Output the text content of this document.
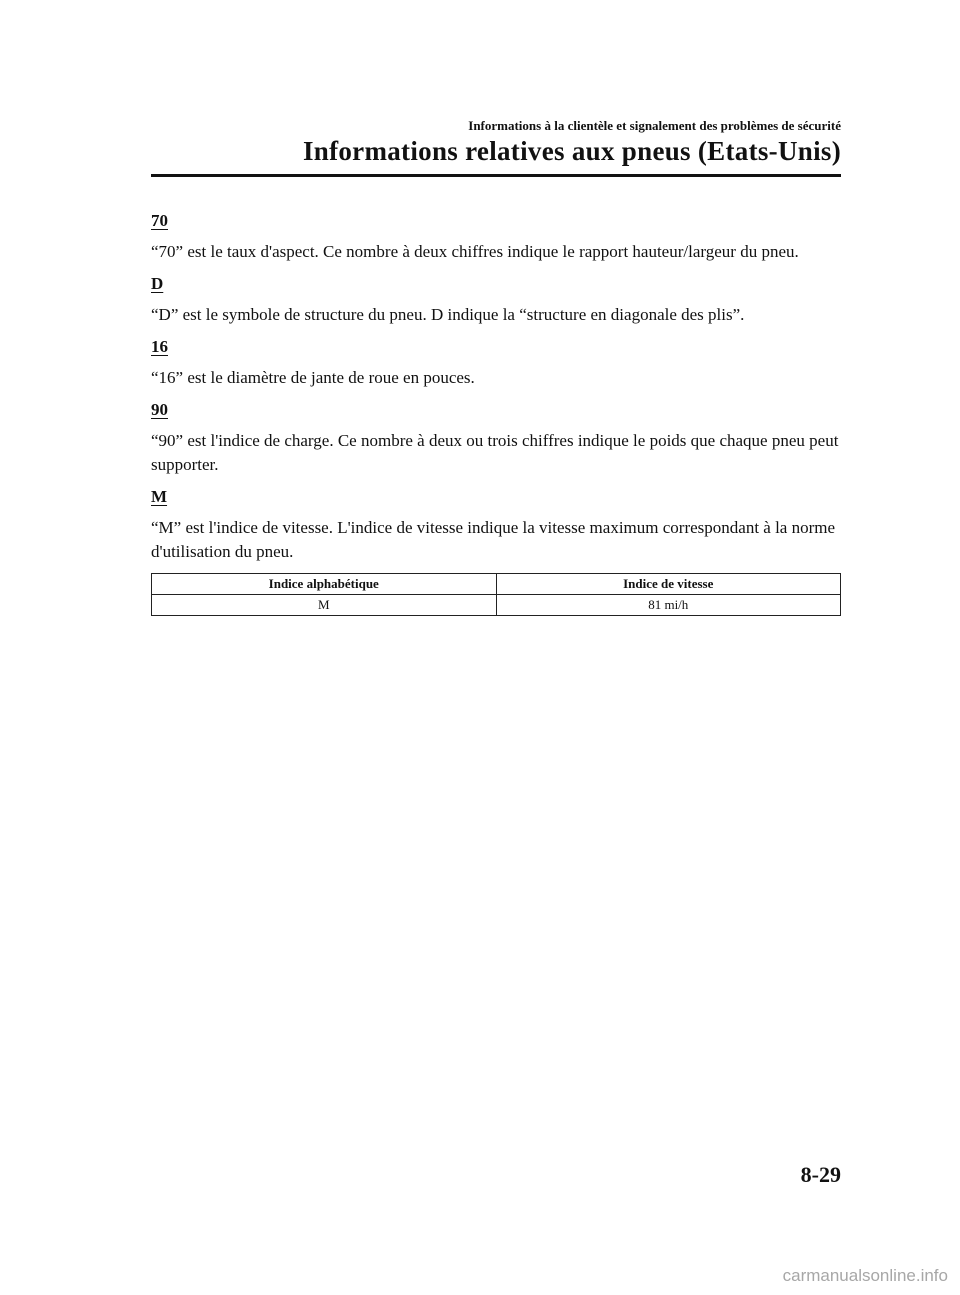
Informations à la clientèle et signalement des problèmes de sécurité
Informations relatives aux pneus (Etats-Unis)
70

“70” est le taux d'aspect. Ce nombre à deux chiffres indique le rapport hauteur/largeur du pneu.

D

“D” est le symbole de structure du pneu. D indique la “structure en diagonale des plis”.

16

“16” est le diamètre de jante de roue en pouces.

90

“90” est l'indice de charge. Ce nombre à deux ou trois chiffres indique le poids que chaque pneu peut supporter.

M

“M” est l'indice de vitesse. L'indice de vitesse indique la vitesse maximum correspondant à la norme d'utilisation du pneu.

Indice alphabétique	Indice de vitesse
M	81 mi/h
8-29
carmanualsonline.info
